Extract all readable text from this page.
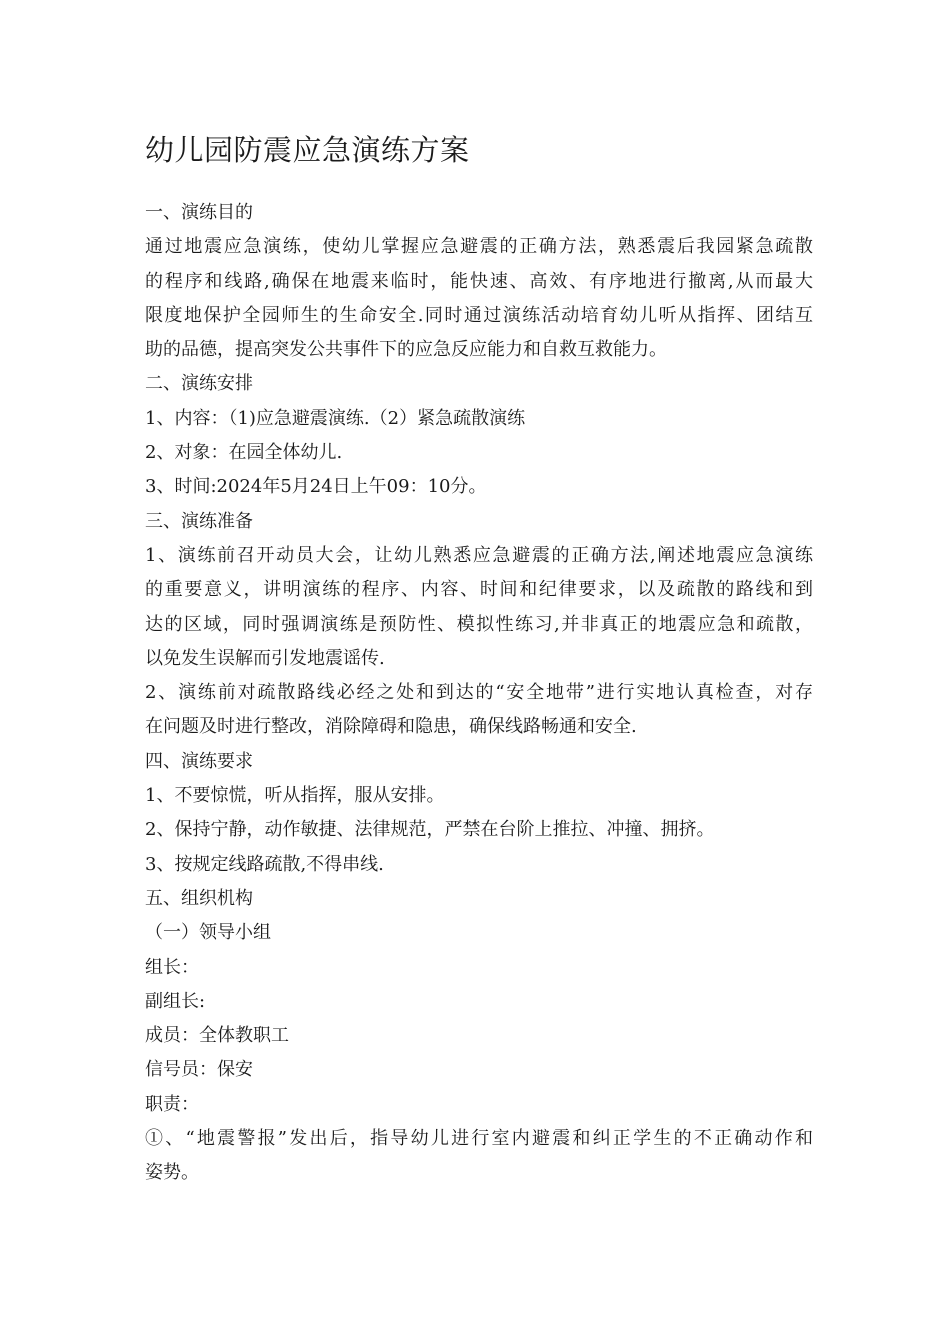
幼儿园防震应急演练方案
一、演练目的
通过地震应急演练，使幼儿掌握应急避震的正确方法，熟悉震后我园紧急疏散
的程序和线路,确保在地震来临时，能快速、高效、有序地进行撤离,从而最大
限度地保护全园师生的生命安全.同时通过演练活动培育幼儿听从指挥、团结互
助的品德，提高突发公共事件下的应急反应能力和自救互救能力。
二、演练安排
1、内容：（1)应急避震演练.（2）紧急疏散演练
2、对象：在园全体幼儿.
3、时间:2024年5月24日上午09：10分。
三、演练准备
1、演练前召开动员大会，让幼儿熟悉应急避震的正确方法,阐述地震应急演练
的重要意义，讲明演练的程序、内容、时间和纪律要求，以及疏散的路线和到
达的区域，同时强调演练是预防性、模拟性练习,并非真正的地震应急和疏散，
以免发生误解而引发地震谣传.
2、演练前对疏散路线必经之处和到达的“安全地带”进行实地认真检查，对存
在问题及时进行整改，消除障碍和隐患，确保线路畅通和安全.
四、演练要求
1、不要惊慌，听从指挥，服从安排。
2、保持宁静，动作敏捷、法律规范，严禁在台阶上推拉、冲撞、拥挤。
3、按规定线路疏散,不得串线.
五、组织机构
（一）领导小组
组长：
副组长:
成员：全体教职工
信号员：保安
职责：
①、“地震警报”发出后，指导幼儿进行室内避震和纠正学生的不正确动作和
姿势。
